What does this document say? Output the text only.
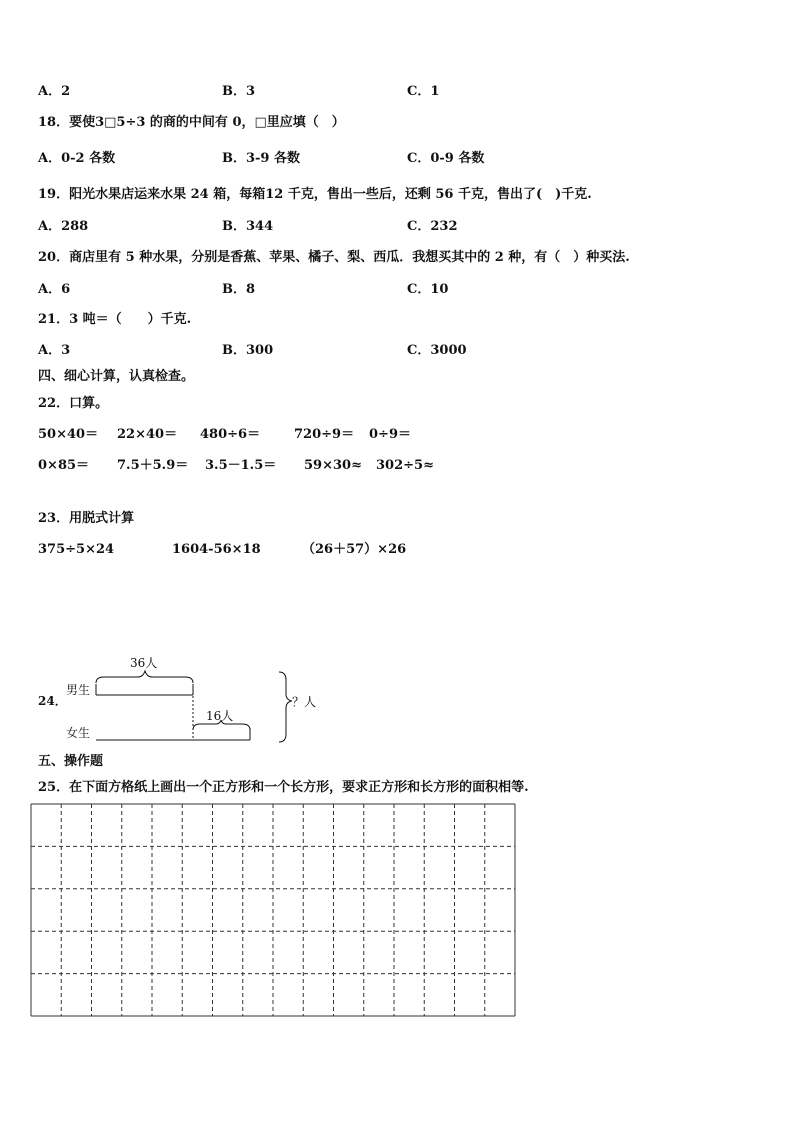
A．2	B．3	C．1
18．要使3□5÷3 的商的中间有 0，□里应填（　）
A．0-2 各数	B．3-9 各数	C．0-9 各数
19．阳光水果店运来水果 24 箱，每箱12 千克，售出一些后，还剩 56 千克，售出了(　)千克.
A．288	B．344	C．232
20．商店里有 5 种水果，分别是香蕉、苹果、橘子、梨、西瓜．我想买其中的 2 种，有（　）种买法.
A．6	B．8	C．10
21．3 吨＝（　　）千克.
A．3	B．300	C．3000
四、细心计算，认真检查。
22．口算。
50×40＝ 22×40＝ 480÷6＝	720÷9＝ 0÷9＝
0×85＝ 7.5＋5.9＝ 3.5－1.5＝ 59×30≈ 302÷5≈
23．用脱式计算
375÷5×24	1604-56×18	（26＋57）×26
24．
36人
男生
16人
女生
？人
五、操作题
25．在下面方格纸上画出一个正方形和一个长方形，要求正方形和长方形的面积相等.
